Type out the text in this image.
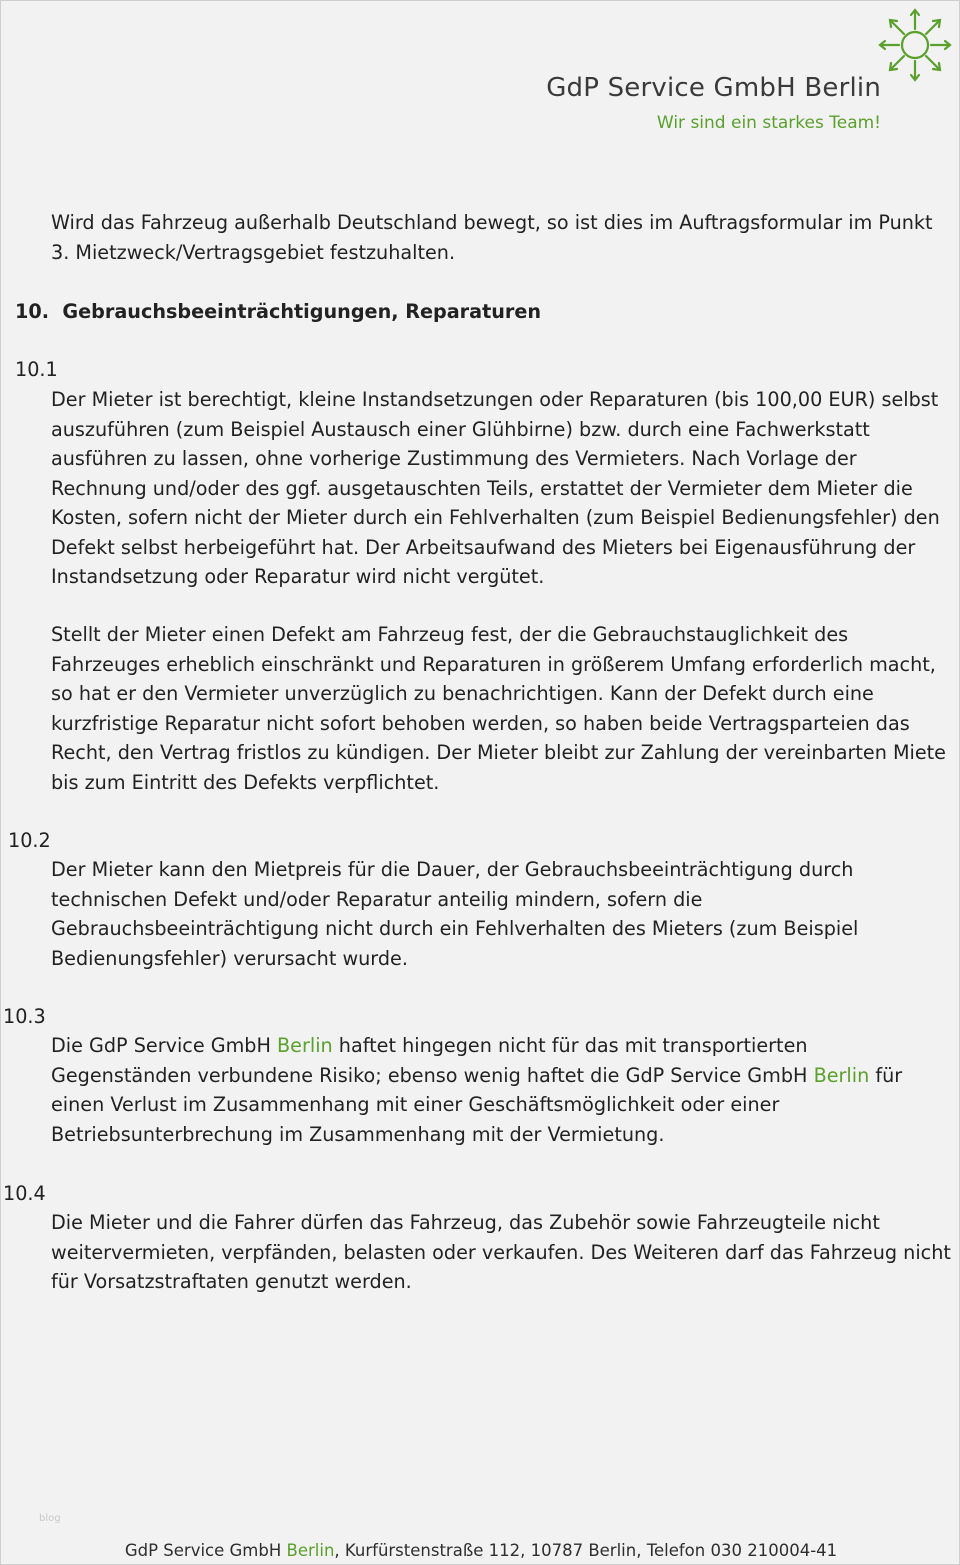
GdP Service GmbH Berlin
Wir sind ein starkes Team!
Wird das Fahrzeug außerhalb Deutschland bewegt, so ist dies im Auftragsformular im Punkt 3. Mietzweck/Vertragsgebiet festzuhalten.
10. Gebrauchsbeeinträchtigungen, Reparaturen
10.1
Der Mieter ist berechtigt, kleine Instandsetzungen oder Reparaturen (bis 100,00 EUR) selbst auszuführen (zum Beispiel Austausch einer Glühbirne) bzw. durch eine Fachwerkstatt ausführen zu lassen, ohne vorherige Zustimmung des Vermieters. Nach Vorlage der Rechnung und/oder des ggf. ausgetauschten Teils, erstattet der Vermieter dem Mieter die Kosten, sofern nicht der Mieter durch ein Fehlverhalten (zum Beispiel Bedienungsfehler) den Defekt selbst herbeigeführt hat. Der Arbeitsaufwand des Mieters bei Eigenausführung der Instandsetzung oder Reparatur wird nicht vergütet.
Stellt der Mieter einen Defekt am Fahrzeug fest, der die Gebrauchstauglichkeit des Fahrzeuges erheblich einschränkt und Reparaturen in größerem Umfang erforderlich macht, so hat er den Vermieter unverzüglich zu benachrichtigen. Kann der Defekt durch eine kurzfristige Reparatur nicht sofort behoben werden, so haben beide Vertragsparteien das Recht, den Vertrag fristlos zu kündigen. Der Mieter bleibt zur Zahlung der vereinbarten Miete bis zum Eintritt des Defekts verpflichtet.
10.2
Der Mieter kann den Mietpreis für die Dauer, der Gebrauchsbeeinträchtigung durch technischen Defekt und/oder Reparatur anteilig mindern, sofern die Gebrauchsbeeinträchtigung nicht durch ein Fehlverhalten des Mieters (zum Beispiel Bedienungsfehler) verursacht wurde.
10.3
Die GdP Service GmbH Berlin haftet hingegen nicht für das mit transportierten Gegenständen verbundene Risiko; ebenso wenig haftet die GdP Service GmbH Berlin für einen Verlust im Zusammenhang mit einer Geschäftsmöglichkeit oder einer Betriebsunterbrechung im Zusammenhang mit der Vermietung.
10.4
Die Mieter und die Fahrer dürfen das Fahrzeug, das Zubehör sowie Fahrzeugteile nicht weitervermieten, verpfänden, belasten oder verkaufen. Des Weiteren darf das Fahrzeug nicht für Vorsatzstraftaten genutzt werden.
blog
GdP Service GmbH Berlin, Kurfürstenstraße 112, 10787 Berlin, Telefon 030 210004-41
